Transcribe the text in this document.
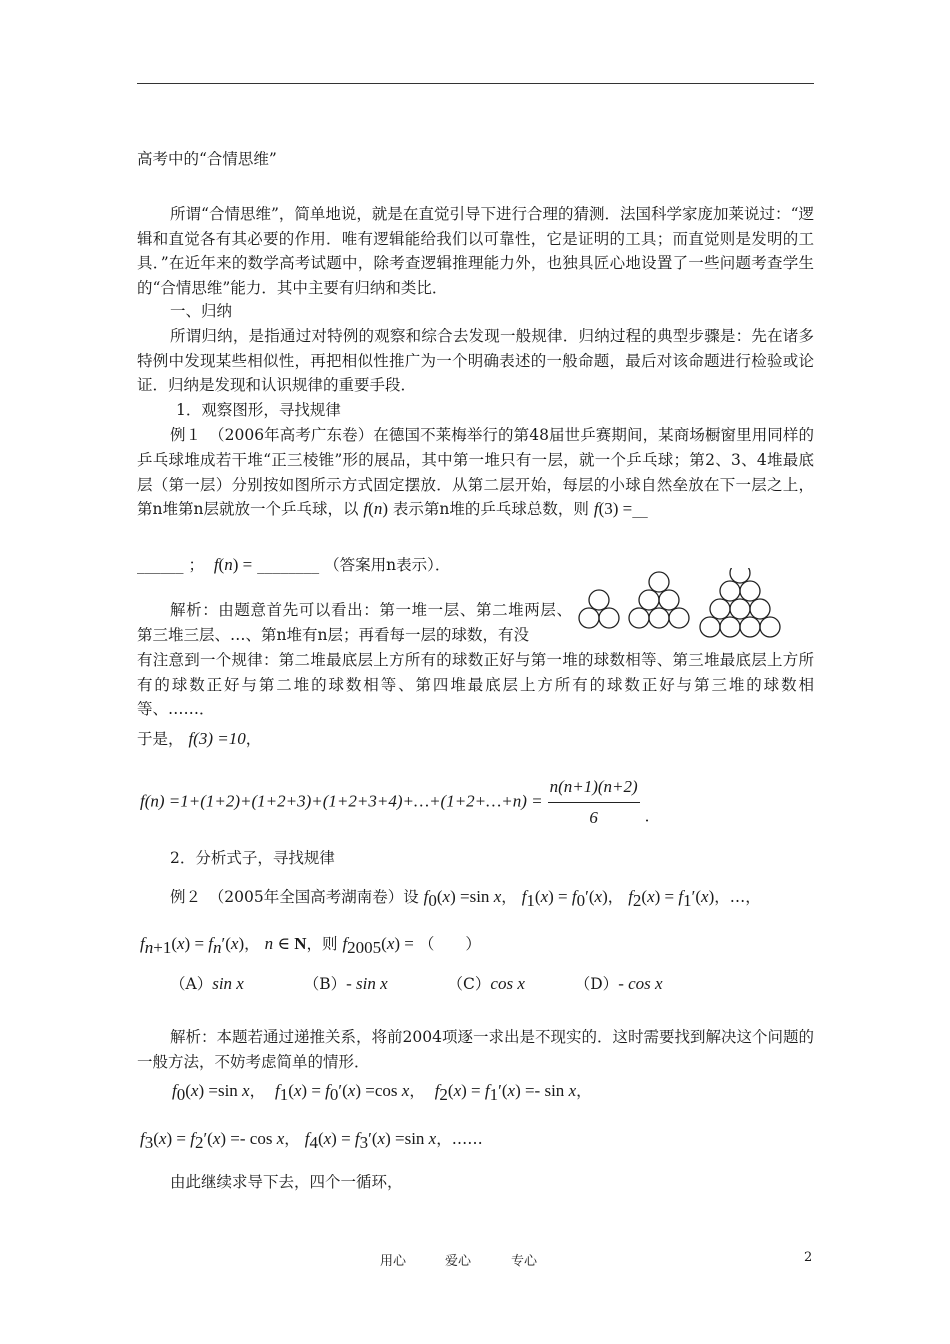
高考中的“合情思维”
所谓“合情思维”，简单地说，就是在直觉引导下进行合理的猜测．法国科学家庞加莱说过：“逻辑和直觉各有其必要的作用．唯有逻辑能给我们以可靠性，它是证明的工具；而直觉则是发明的工具．”在近年来的数学高考试题中，除考查逻辑推理能力外，也独具匠心地设置了一些问题考查学生的“合情思维”能力．其中主要有归纳和类比．
一、归纳
所谓归纳，是指通过对特例的观察和综合去发现一般规律．归纳过程的典型步骤是：先在诸多特例中发现某些相似性，再把相似性推广为一个明确表述的一般命题，最后对该命题进行检验或论证．归纳是发现和认识规律的重要手段．
1．观察图形，寻找规律
例１　（2006年高考广东卷）在德国不莱梅举行的第48届世乒赛期间，某商场橱窗里用同样的乒乓球堆成若干堆“正三棱锥”形的展品，其中第一堆只有一层，就一个乒乓球；第2、3、4堆最底层（第一层）分别按如图所示方式固定摆放．从第二层开始，每层的小球自然垒放在下一层之上，第n堆第n层就放一个乒乓球，以 f(n) 表示第n堆的乒乓球总数，则 f(3) =__
______ ； f(n) = ________ （答案用n表示）．
解析：由题意首先可以看出：第一堆一层、第二堆两层、第三堆三层、…、第n堆有n层；再看每一层的球数，有没
有注意到一个规律：第二堆最底层上方所有的球数正好与第一堆的球数相等、第三堆最底层上方所有的球数正好与第二堆的球数相等、第四堆最底层上方所有的球数正好与第三堆的球数相等、……．
于是， f(3) =10，
f(n) =1+(1+2)+(1+2+3)+(1+2+3+4)+…+(1+2+…+n) = $\frac{n(n+1)(n+2)}{6}$ ．
2．分析式子，寻找规律
例２　（2005年全国高考湖南卷）设 $f_0(x) =\sin$ x， $f_1(x) = f_0'(x)$， $f_2(x) = f_1'(x)$，…，
$f_{n+1}(x) = f_n'(x)$， n ∈ N，则 $f_{2005}(x)$ = （　　）
（A）sin x	（B）- sin x	（C）cos x	（D）- cos x
解析：本题若通过递推关系，将前2004项逐一求出是不现实的．这时需要找到解决这个问题的一般方法，不妨考虑简单的情形．
$f_0(x) =\sin$ x， $f_1(x) = f_0'(x) =\cos$ x， $f_2(x) = f_1'(x) =- \sin x$，
$f_3(x) = f_2'(x) =- \cos x$， $f_4(x) = f_3'(x) =\sin$ x，……
由此继续求导下去，四个一循环，
用心	爱心	专心	2
